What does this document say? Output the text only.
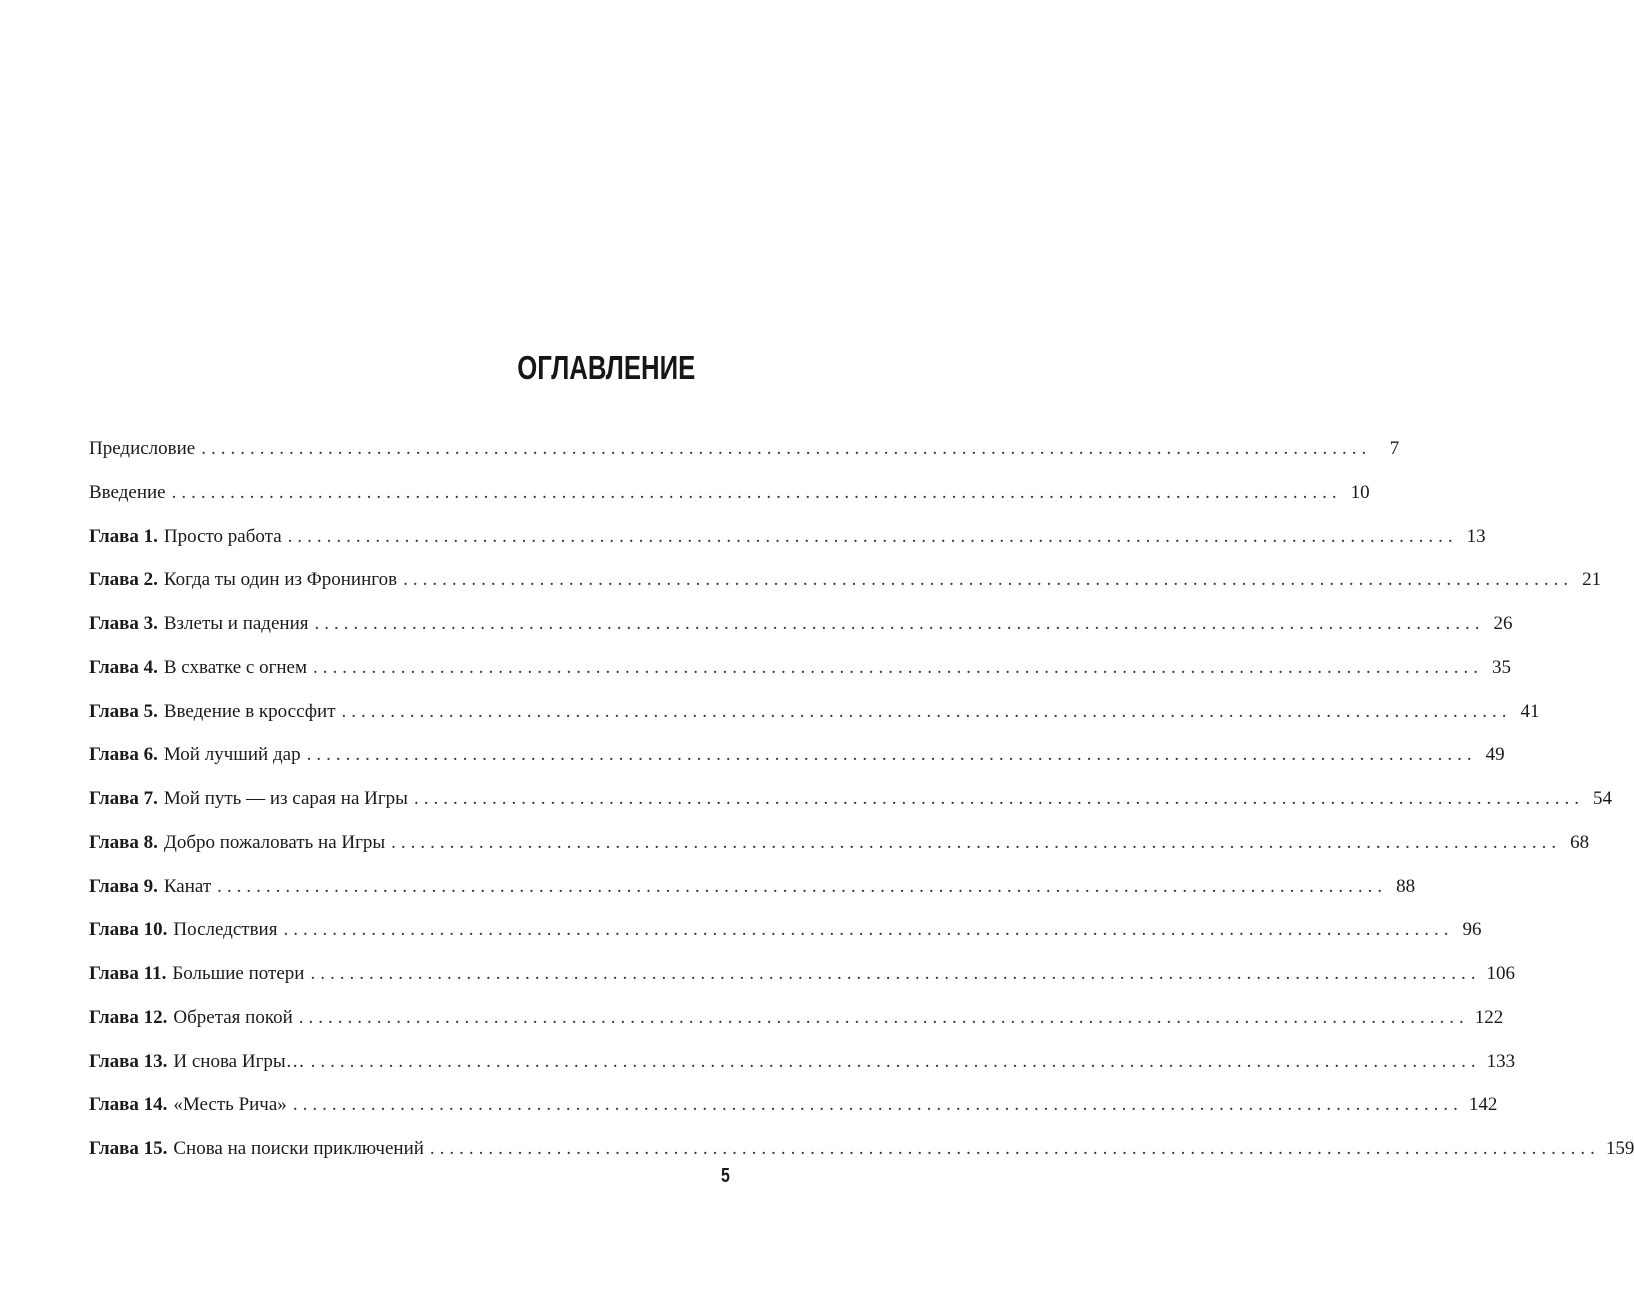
ОГЛАВЛЕНИЕ
Предисловие ........................................................................................................................ 7
Введение ........................................................................................................................ 10
Глава 1. Просто работа ........................................................................................................................ 13
Глава 2. Когда ты один из Фронингов ........................................................................................................................ 21
Глава 3. Взлеты и падения ........................................................................................................................ 26
Глава 4. В схватке с огнем ........................................................................................................................ 35
Глава 5. Введение в кроссфит ........................................................................................................................ 41
Глава 6. Мой лучший дар ........................................................................................................................ 49
Глава 7. Мой путь — из сарая на Игры ........................................................................................................................ 54
Глава 8. Добро пожаловать на Игры ........................................................................................................................ 68
Глава 9. Канат ........................................................................................................................ 88
Глава 10. Последствия ........................................................................................................................ 96
Глава 11. Большие потери ........................................................................................................................ 106
Глава 12. Обретая покой ........................................................................................................................ 122
Глава 13. И снова Игры… ........................................................................................................................ 133
Глава 14. «Месть Рича» ........................................................................................................................ 142
Глава 15. Снова на поиски приключений ........................................................................................................................ 159
5
